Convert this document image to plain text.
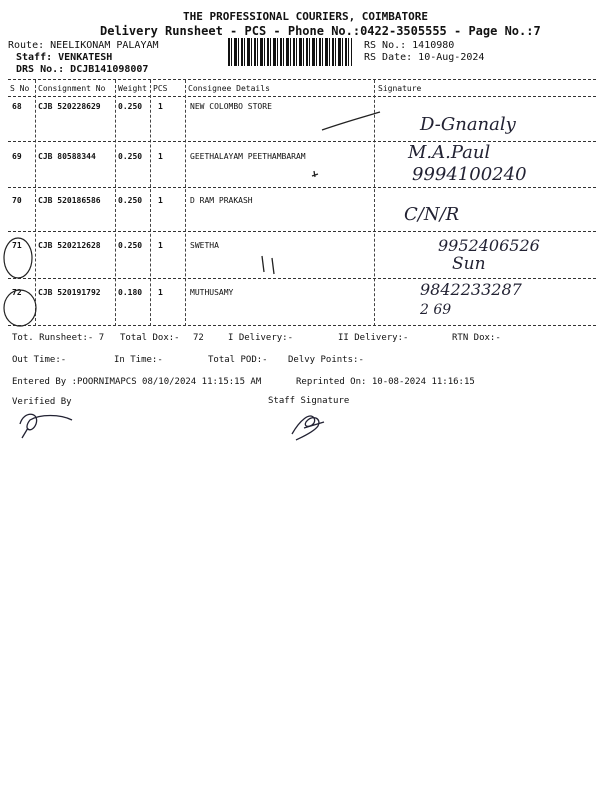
THE PROFESSIONAL COURIERS, COIMBATORE
Delivery Runsheet - PCS - Phone No.:0422-3505555 - Page No.:7
Route: NEELIKONAM PALAYAM
Staff: VENKATESH
DRS No.: DCJB141098007
RS No.: 1410980
RS Date: 10-Aug-2024
S No Consignment No Weight PCS	Consignee Details	Signature
68 CJB 520228629 0.250 1	NEW COLOMBO STORE
D-Gnanaly
69 CJB 80588344	0.250 1	GEETHALAYAM PEETHAMBARAM	M.A.Paul
9994100240
70 CJB 520186586 0.250 1	D RAM PRAKASH
C/N/R
71 CJB 520212628 0.250 1	SWETHA	9952406526
Sun
72 CJB 520191792 0.180 1	MUTHUSAMY	9842233287
2 69
Tot. Runsheet:- 7 Total Dox:- 72	I Delivery:-	II Delivery:-	RTN Dox:-
Out Time:-	In Time:-	Total POD:- Delvy Points:-
Entered By :POORNIMAPCS 08/10/2024 11:15:15 AM	Reprinted On: 10-08-2024 11:16:15
Verified By	Staff Signature
